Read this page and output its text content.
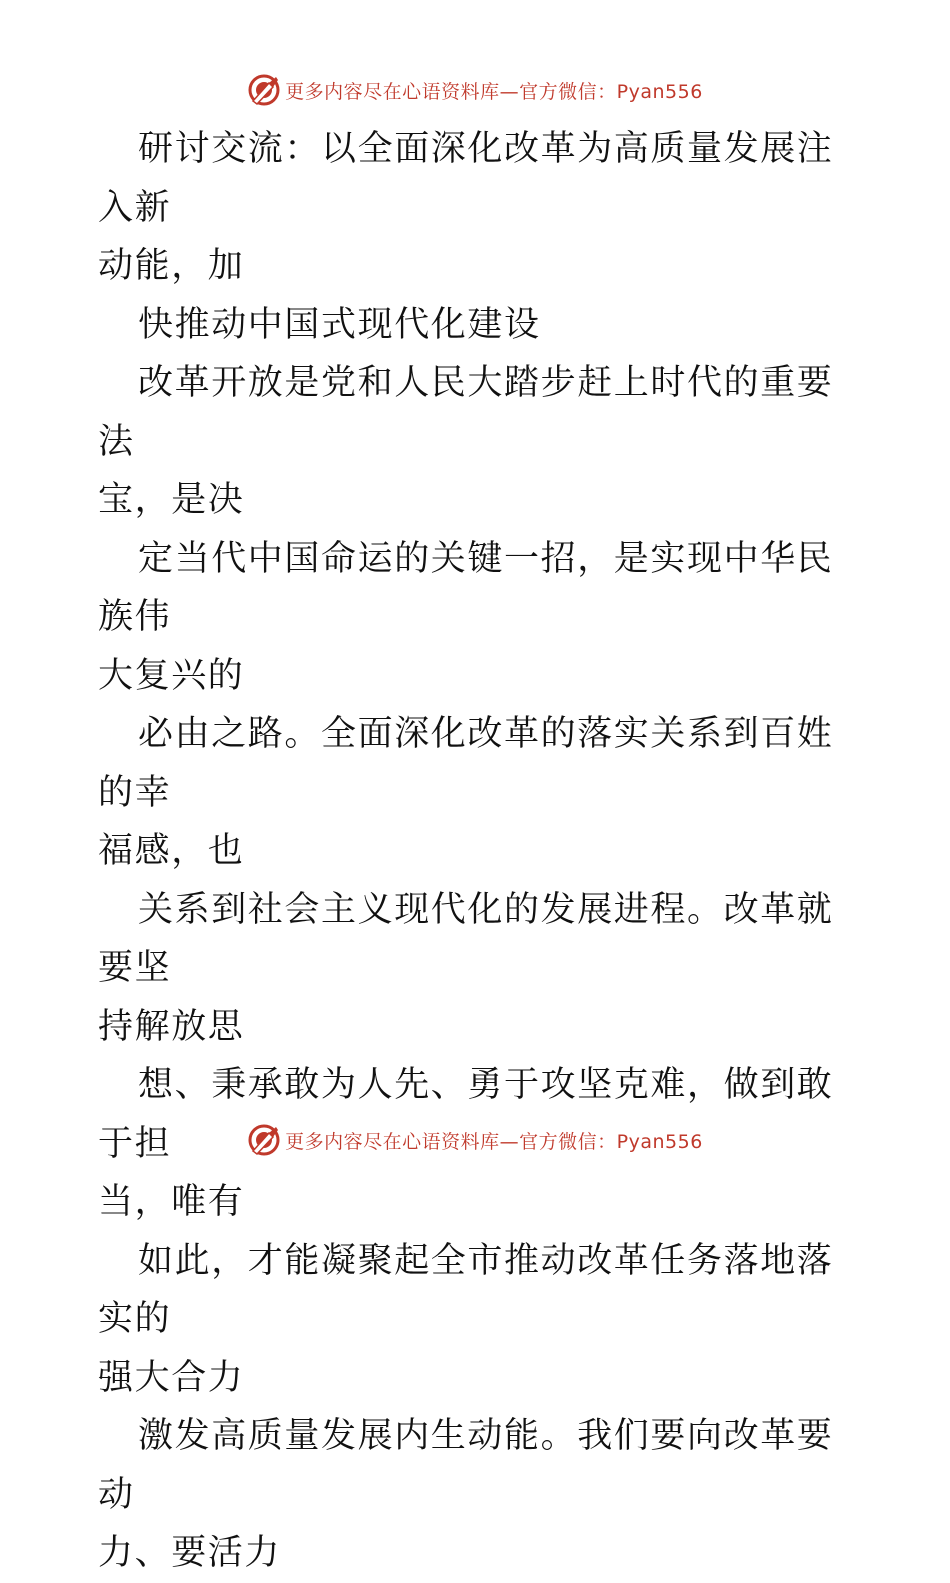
更多内容尽在心语资料库—官方微信：Pyan556

研讨交流：以全面深化改革为高质量发展注入新

动能，加

快推动中国式现代化建设

改革开放是党和人民大踏步赶上时代的重要法

宝，是决

定当代中国命运的关键一招，是实现中华民族伟

大复兴的

必由之路。全面深化改革的落实关系到百姓的幸

福感，也

关系到社会主义现代化的发展进程。改革就要坚

持解放思

想、秉承敢为人先、勇于攻坚克难，做到敢于担

当，唯有

如此，才能凝聚起全市推动改革任务落地落实的

强大合力

激发高质量发展内生动能。我们要向改革要动

力、要活力

更多内容尽在心语资料库—官方微信：Pyan556
